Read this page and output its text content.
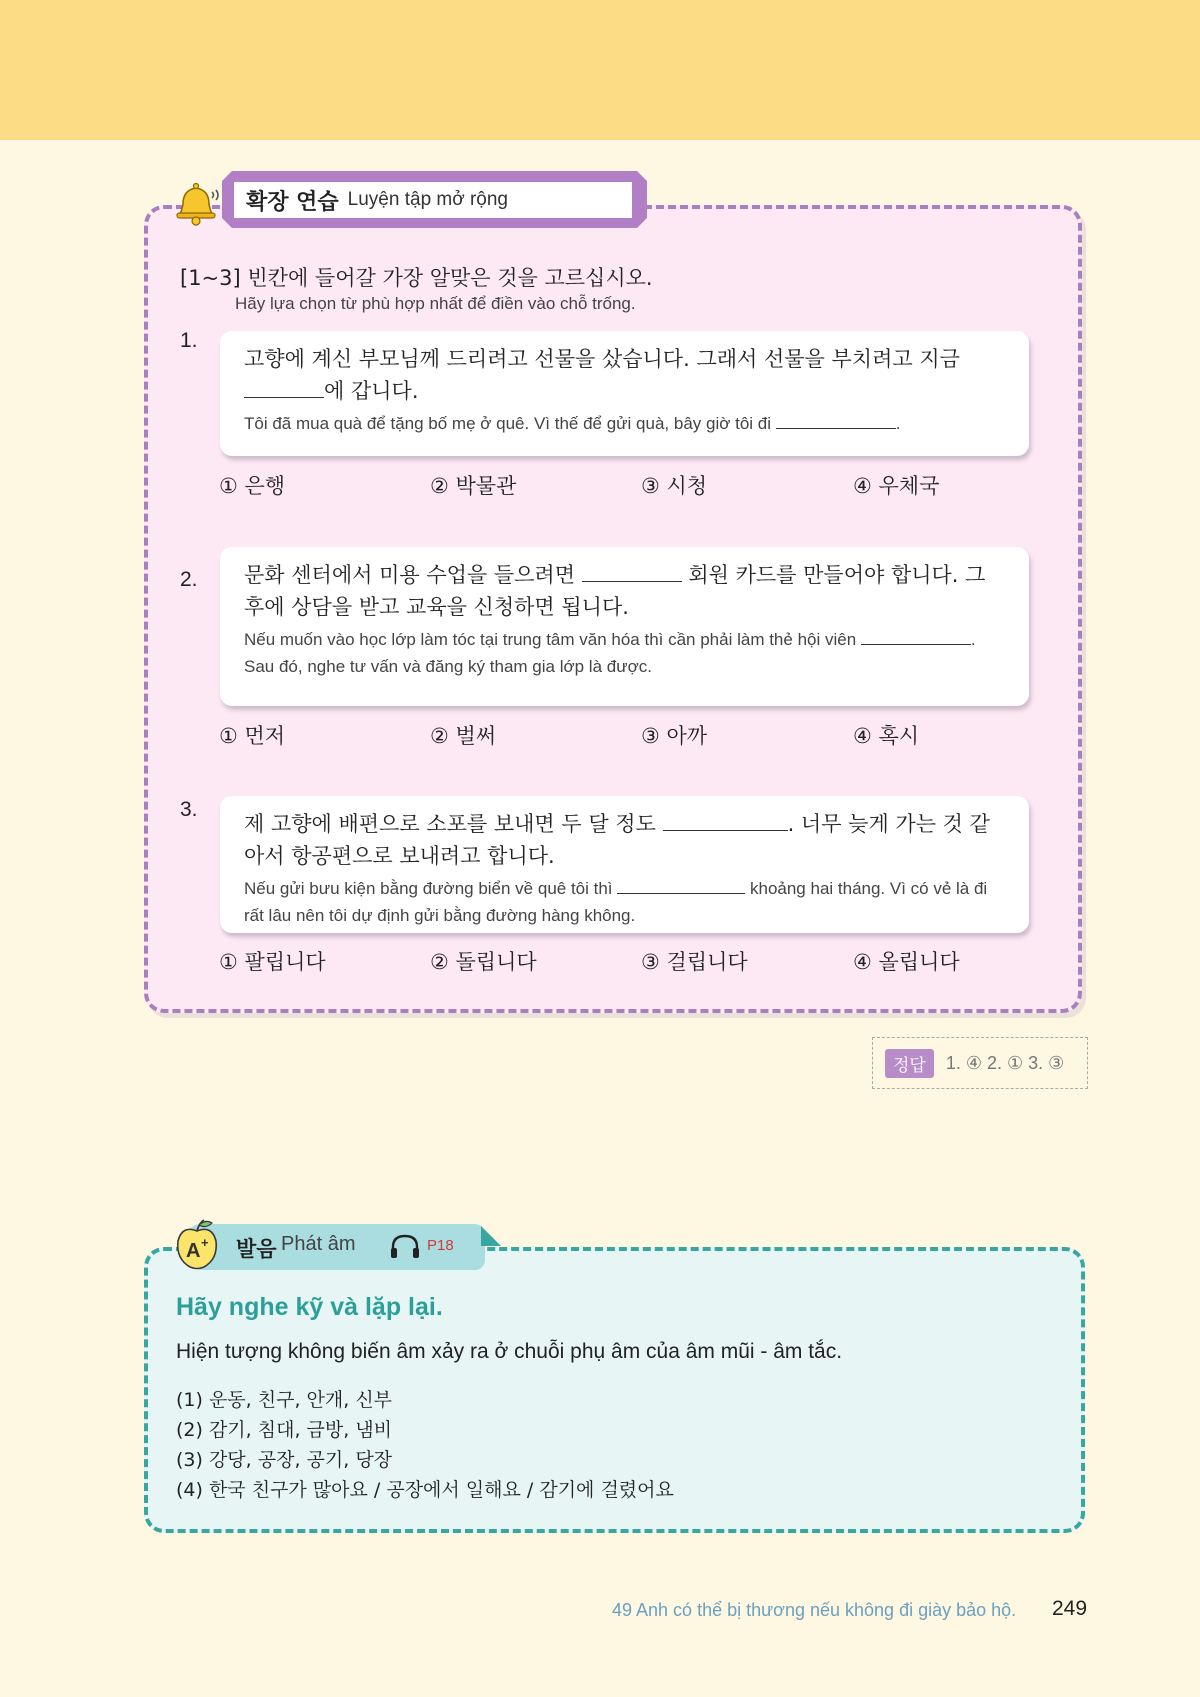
확장 연습 Luyện tập mở rộng
[1~3] 빈칸에 들어갈 가장 알맞은 것을 고르십시오.
Hãy lựa chọn từ phù hợp nhất để điền vào chỗ trống.
1.
고향에 계신 부모님께 드리려고 선물을 샀습니다. 그래서 선물을 부치려고 지금 에 갑니다.
Tôi đã mua quà để tặng bố mẹ ở quê. Vì thế để gửi quà, bây giờ tôi đi	.
① 은행	② 박물관	③ 시청	④ 우체국
2. 문화 센터에서 미용 수업을 들으려면	회원 카드를 만들어야 합니다. 그 후에 상담을 받고 교육을 신청하면 됩니다.
Nếu muốn vào học lớp làm tóc tại trung tâm văn hóa thì cần phải làm thẻ hội viên	. Sau đó, nghe tư vấn và đăng ký tham gia lớp là được.
① 먼저	② 벌써	③ 아까	④ 혹시
3.
제 고향에 배편으로 소포를 보내면 두 달 정도	. 너무 늦게 가는 것 같아서 항공편으로 보내려고 합니다.
Nếu gửi bưu kiện bằng đường biển về quê tôi thì	khoảng hai tháng. Vì có vẻ là đi rất lâu nên tôi dự định gửi bằng đường hàng không.
① 팔립니다	② 돌립니다	③ 걸립니다	④ 올립니다
정답	1. ④ 2. ① 3. ③
A + 발음 Phát âm	P18
Hãy nghe kỹ và lặp lại.
Hiện tượng không biến âm xảy ra ở chuỗi phụ âm của âm mũi - âm tắc.
(1) 운동, 친구, 안개, 신부
(2) 감기, 침대, 금방, 냄비
(3) 강당, 공장, 공기, 당장
(4) 한국 친구가 많아요 / 공장에서 일해요 / 감기에 걸렸어요
49 Anh có thể bị thương nếu không đi giày bảo hộ. 249
